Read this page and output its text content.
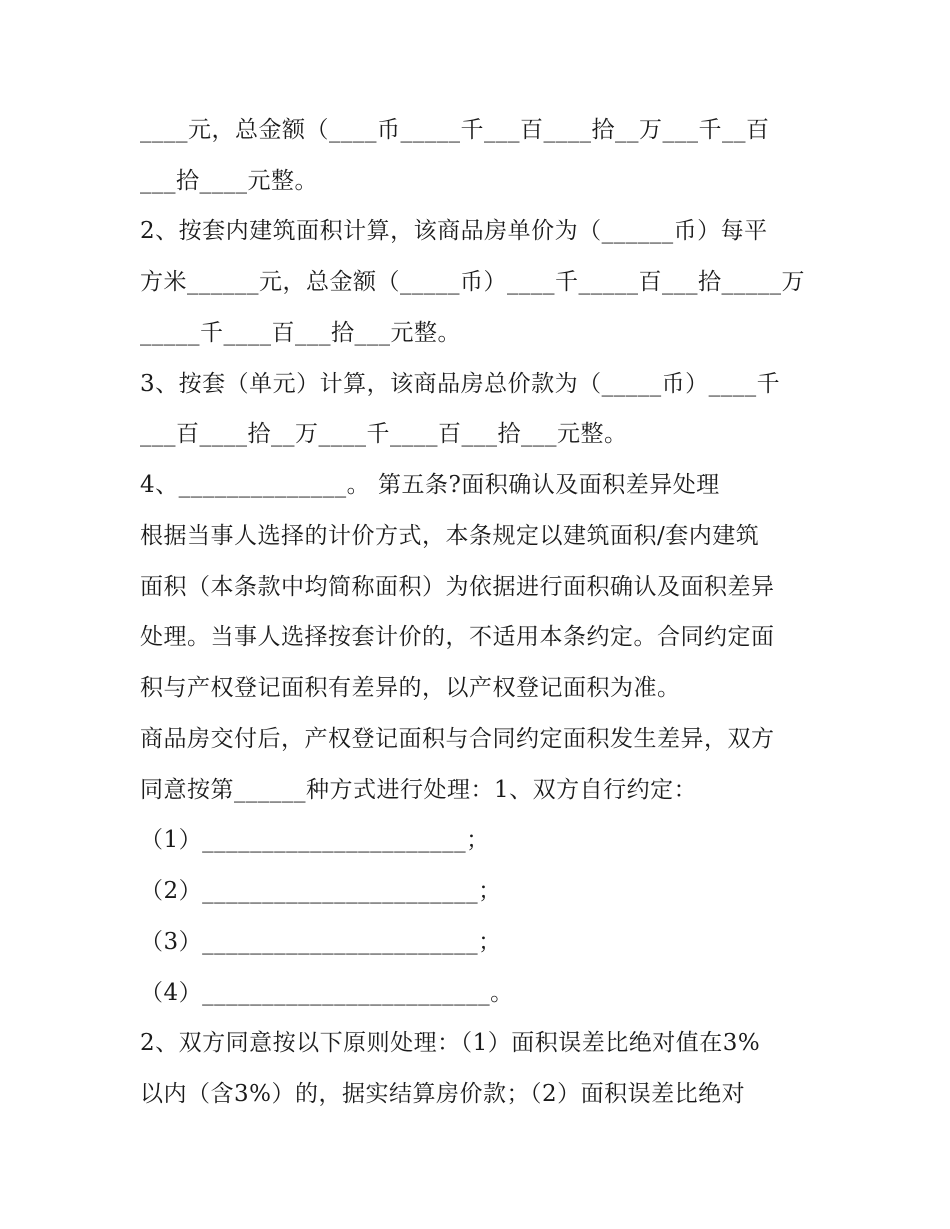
____元，总金额（____币_____千___百____拾__万___千__百
___拾____元整。
2、按套内建筑面积计算，该商品房单价为（______币）每平
方米______元，总金额（_____币）____千_____百___拾_____万
_____千____百___拾___元整。
3、按套（单元）计算，该商品房总价款为（_____币）____千
___百____拾__万____千____百___拾___元整。
4、______________。 第五条?面积确认及面积差异处理
根据当事人选择的计价方式，本条规定以建筑面积/套内建筑
面积（本条款中均简称面积）为依据进行面积确认及面积差异
处理。当事人选择按套计价的，不适用本条约定。合同约定面
积与产权登记面积有差异的，以产权登记面积为准。
商品房交付后，产权登记面积与合同约定面积发生差异，双方
同意按第______种方式进行处理：1、双方自行约定：
（1）______________________；
（2）_______________________；
（3）_______________________；
（4）________________________。
2、双方同意按以下原则处理：（1）面积误差比绝对值在3%
以内（含3%）的，据实结算房价款；（2）面积误差比绝对
